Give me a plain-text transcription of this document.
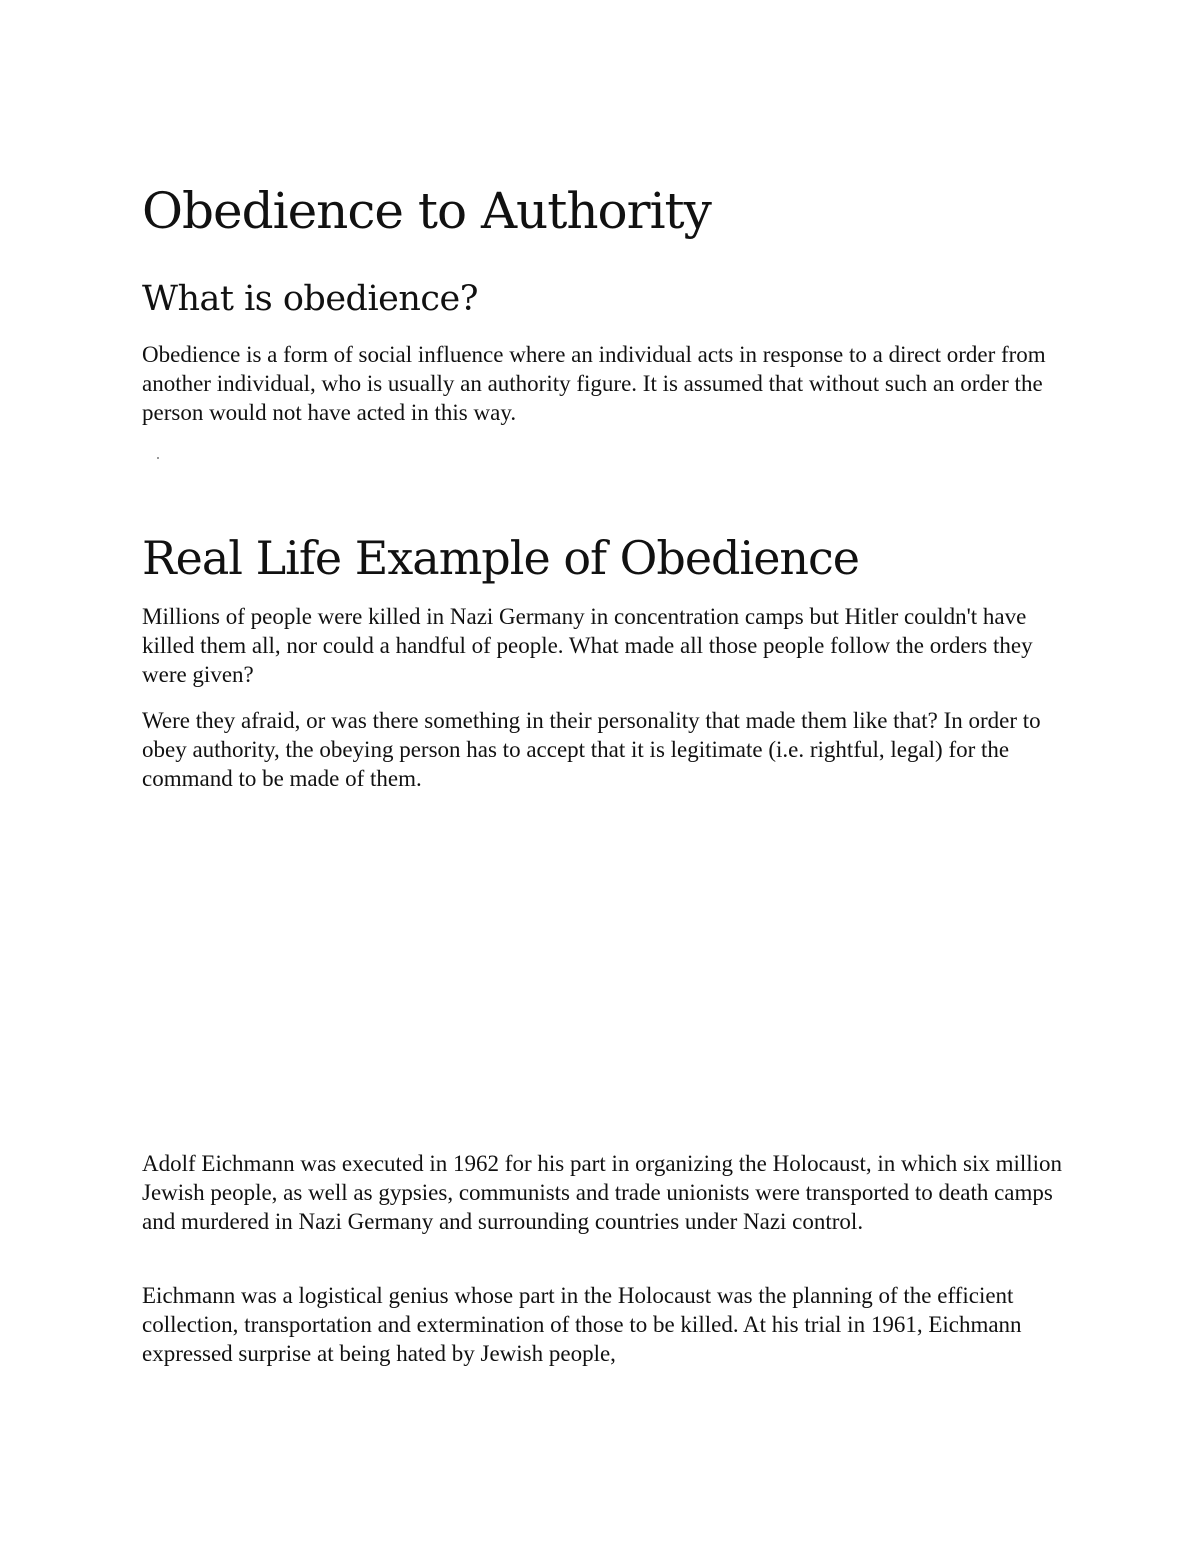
Obedience to Authority
What is obedience?

Obedience is a form of social influence where an individual acts in response to a direct order from another individual, who is usually an authority figure. It is assumed that without such an order the person would not have acted in this way.

Real Life Example of Obedience

Millions of people were killed in Nazi Germany in concentration camps but Hitler couldn't have killed them all, nor could a handful of people. What made all those people follow the orders they were given?

Were they afraid, or was there something in their personality that made them like that? In order to obey authority, the obeying person has to accept that it is legitimate (i.e. rightful, legal) for the command to be made of them.

Adolf Eichmann was executed in 1962 for his part in organizing the Holocaust, in which six million Jewish people, as well as gypsies, communists and trade unionists were transported to death camps and murdered in Nazi Germany and surrounding countries under Nazi control.

Eichmann was a logistical genius whose part in the Holocaust was the planning of the efficient collection, transportation and extermination of those to be killed. At his trial in 1961, Eichmann expressed surprise at being hated by Jewish people,
